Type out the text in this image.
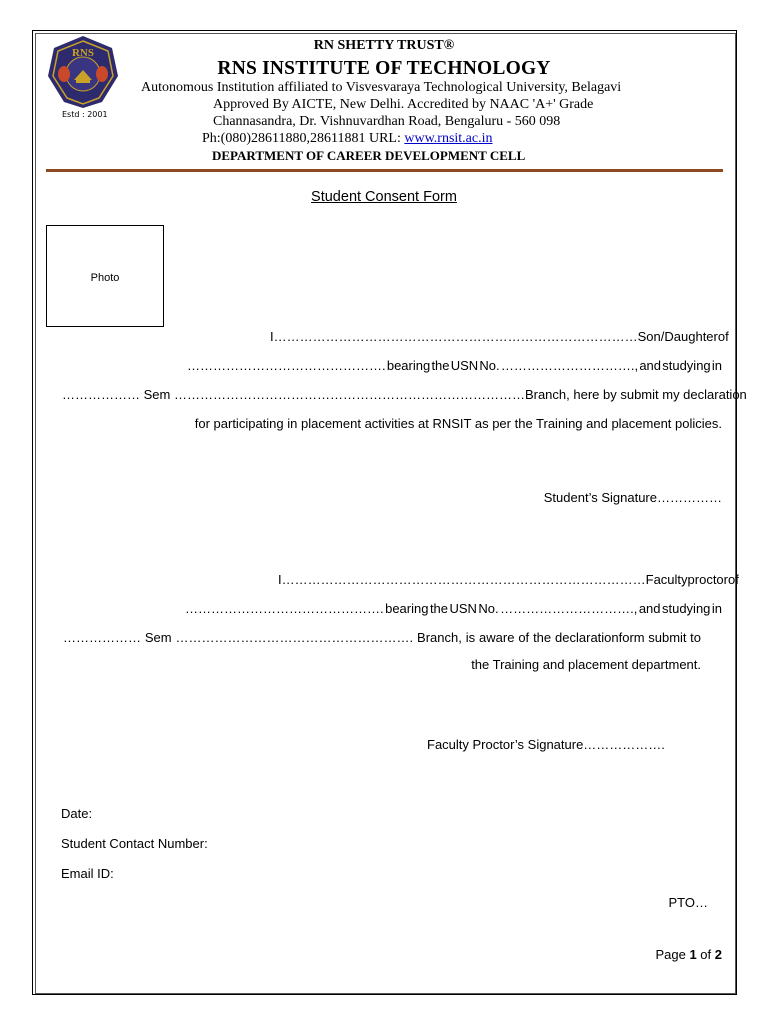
RNS
Estd : 2001
RN SHETTY TRUST®
RNS INSTITUTE OF TECHNOLOGY
Autonomous Institution affiliated to Visvesvaraya Technological University, Belagavi
Approved By AICTE, New Delhi. Accredited by NAAC 'A+' Grade
Channasandra, Dr. Vishnuvardhan Road, Bengaluru - 560 098
Ph:(080)28611880,28611881 URL: www.rnsit.ac.in
DEPARTMENT OF CAREER DEVELOPMENT CELL
Student Consent Form
Photo
I ………………………………………………………………………… Son / Daughter of
………………………………………. bearing the USN No. …………………………., and studying in
……………… Sem ………………………………………………………………………Branch, here by submit my declaration
for participating in placement activities at RNSIT as per the Training and placement policies.
Student’s Signature……………
I ………………………………………………………………………… Faculty proctor of
………………………………………. bearing the USN No. …………………………., and studying in
……………… Sem ………………………………………………. Branch, is aware of the declarationform submit to
the Training and placement department.
Faculty Proctor’s Signature……………….
Date:
Student Contact Number:
Email ID:
PTO…
Page 1 of 2
